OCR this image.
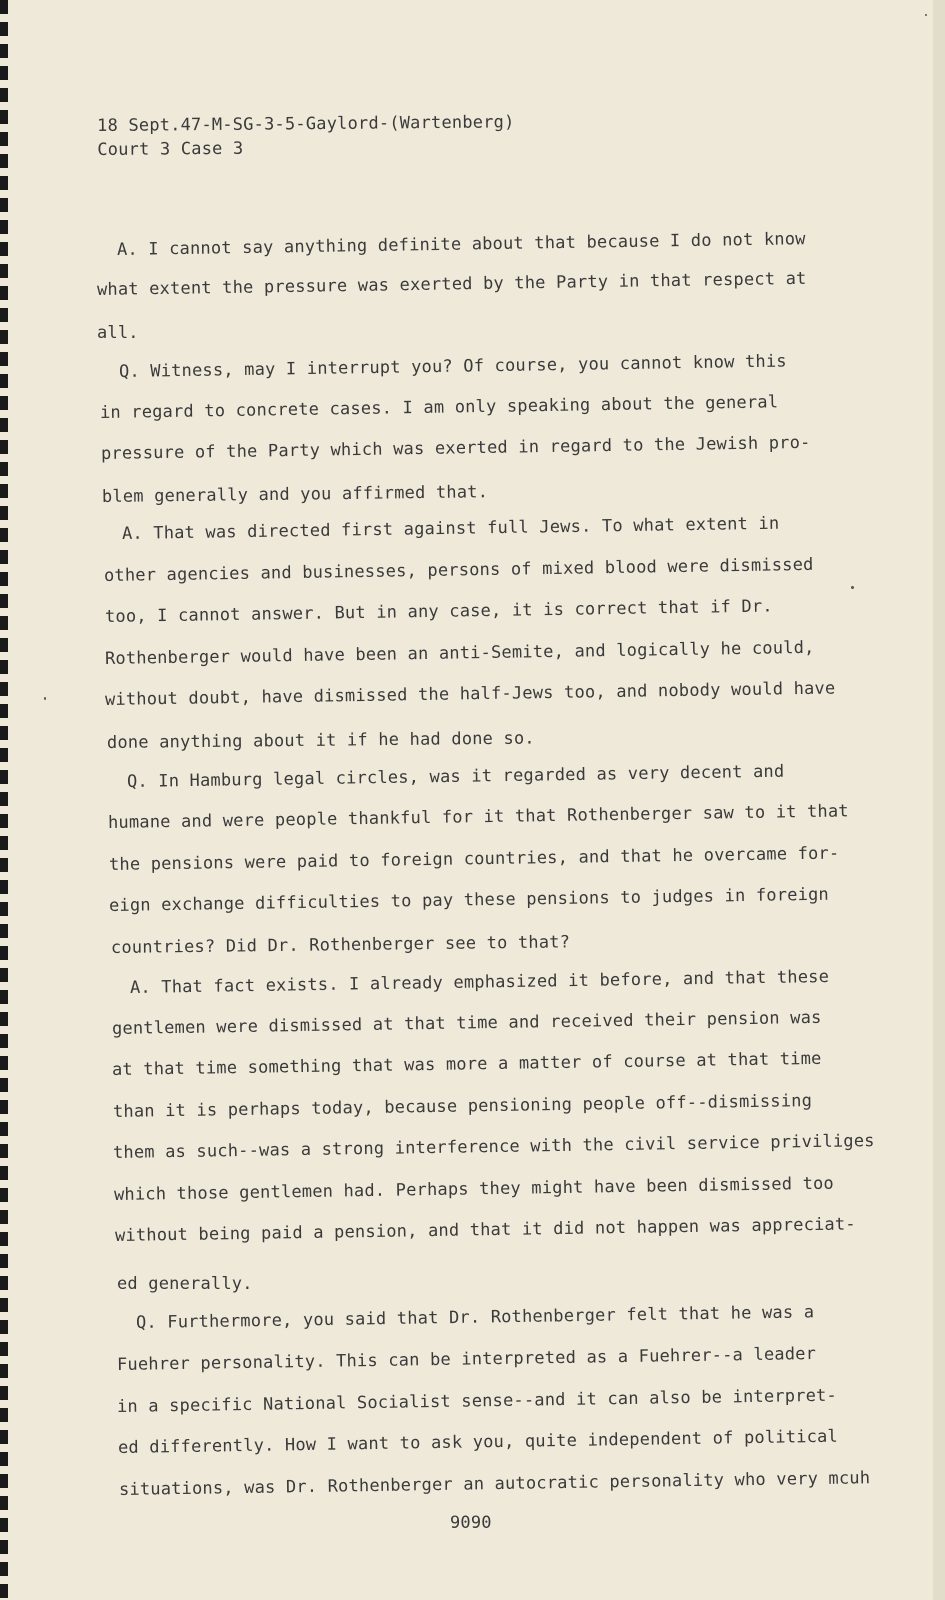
18 Sept.47-M-SG-3-5-Gaylord-(Wartenberg)
Court 3 Case 3
A. I cannot say anything definite about that because I do not know
what extent the pressure was exerted by the Party in that respect at
all.
Q. Witness, may I interrupt you? Of course, you cannot know this
in regard to concrete cases. I am only speaking about the general
pressure of the Party which was exerted in regard to the Jewish pro-
blem generally and you affirmed that.
A. That was directed first against full Jews. To what extent in
other agencies and businesses, persons of mixed blood were dismissed
too, I cannot answer. But in any case, it is correct that if Dr.
Rothenberger would have been an anti-Semite, and logically he could,
without doubt, have dismissed the half-Jews too, and nobody would have
done anything about it if he had done so.
Q. In Hamburg legal circles, was it regarded as very decent and
humane and were people thankful for it that Rothenberger saw to it that
the pensions were paid to foreign countries, and that he overcame for-
eign exchange difficulties to pay these pensions to judges in foreign
countries? Did Dr. Rothenberger see to that?
A. That fact exists. I already emphasized it before, and that these
gentlemen were dismissed at that time and received their pension was
at that time something that was more a matter of course at that time
than it is perhaps today, because pensioning people off--dismissing
them as such--was a strong interference with the civil service priviliges
which those gentlemen had. Perhaps they might have been dismissed too
without being paid a pension, and that it did not happen was appreciat-
ed generally.
Q. Furthermore, you said that Dr. Rothenberger felt that he was a
Fuehrer personality. This can be interpreted as a Fuehrer--a leader
in a specific National Socialist sense--and it can also be interpret-
ed differently. How I want to ask you, quite independent of political
situations, was Dr. Rothenberger an autocratic personality who very mcuh
9090
